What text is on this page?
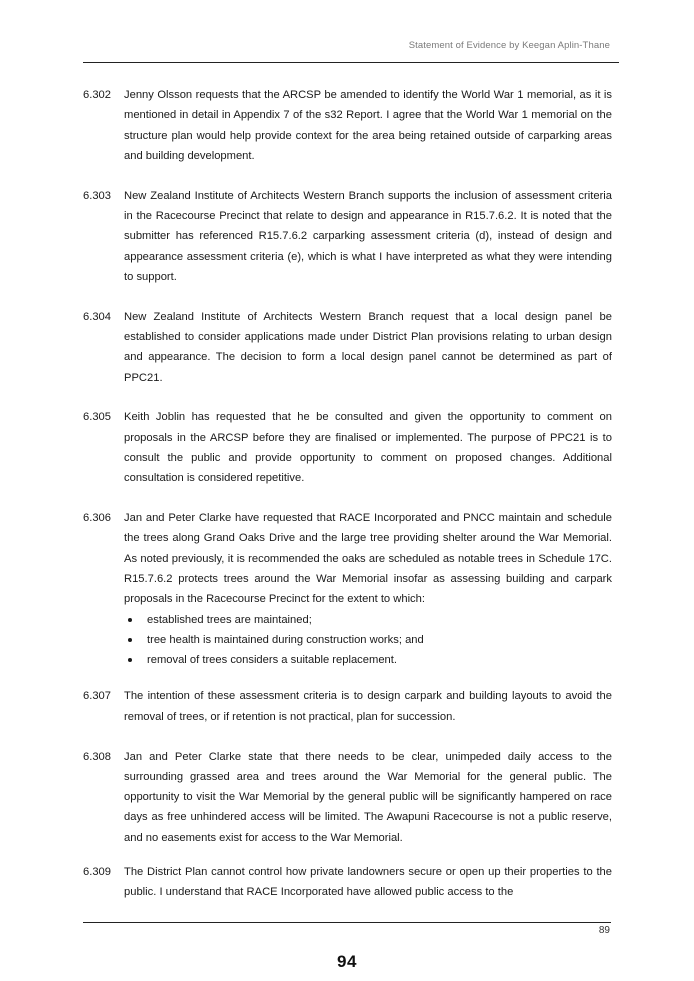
Statement of Evidence by Keegan Aplin-Thane
6.302	Jenny Olsson requests that the ARCSP be amended to identify the World War 1 memorial, as it is mentioned in detail in Appendix 7 of the s32 Report. I agree that the World War 1 memorial on the structure plan would help provide context for the area being retained outside of carparking areas and building development.
6.303	New Zealand Institute of Architects Western Branch supports the inclusion of assessment criteria in the Racecourse Precinct that relate to design and appearance in R15.7.6.2. It is noted that the submitter has referenced R15.7.6.2 carparking assessment criteria (d), instead of design and appearance assessment criteria (e), which is what I have interpreted as what they were intending to support.
6.304	New Zealand Institute of Architects Western Branch request that a local design panel be established to consider applications made under District Plan provisions relating to urban design and appearance. The decision to form a local design panel cannot be determined as part of PPC21.
6.305	Keith Joblin has requested that he be consulted and given the opportunity to comment on proposals in the ARCSP before they are finalised or implemented. The purpose of PPC21 is to consult the public and provide opportunity to comment on proposed changes. Additional consultation is considered repetitive.
6.306	Jan and Peter Clarke have requested that RACE Incorporated and PNCC maintain and schedule the trees along Grand Oaks Drive and the large tree providing shelter around the War Memorial. As noted previously, it is recommended the oaks are scheduled as notable trees in Schedule 17C. R15.7.6.2 protects trees around the War Memorial insofar as assessing building and carpark proposals in the Racecourse Precinct for the extent to which:
established trees are maintained;
tree health is maintained during construction works; and
removal of trees considers a suitable replacement.
6.307	The intention of these assessment criteria is to design carpark and building layouts to avoid the removal of trees, or if retention is not practical, plan for succession.
6.308	Jan and Peter Clarke state that there needs to be clear, unimpeded daily access to the surrounding grassed area and trees around the War Memorial for the general public. The opportunity to visit the War Memorial by the general public will be significantly hampered on race days as free unhindered access will be limited. The Awapuni Racecourse is not a public reserve, and no easements exist for access to the War Memorial.
6.309	The District Plan cannot control how private landowners secure or open up their properties to the public. I understand that RACE Incorporated have allowed public access to the
89
94
